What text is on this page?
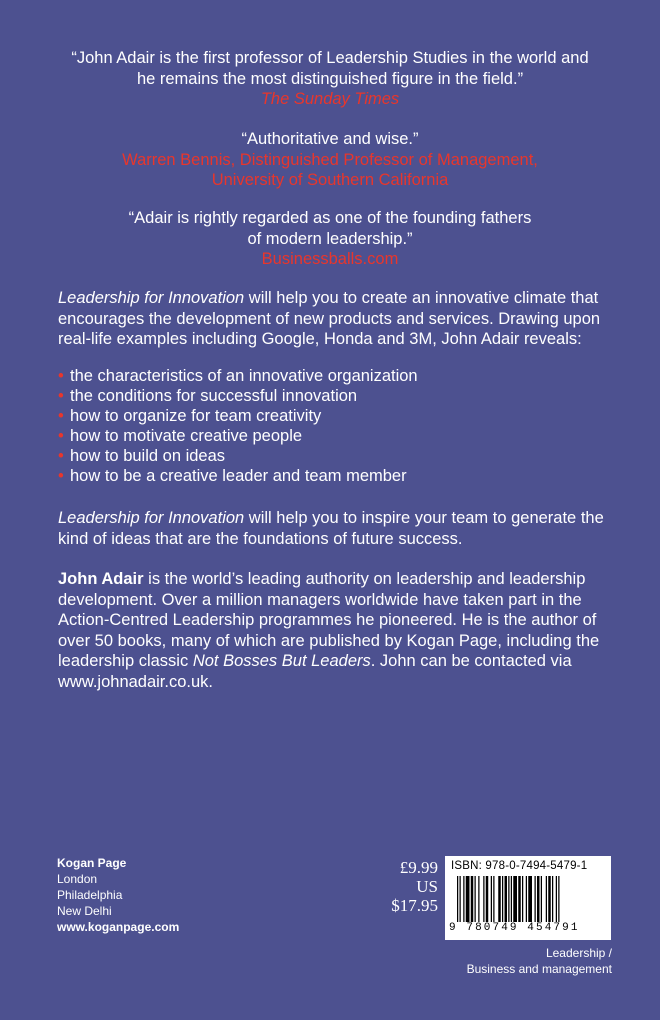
“John Adair is the first professor of Leadership Studies in the world and
he remains the most distinguished figure in the field.”
The Sunday Times
“Authoritative and wise.”
Warren Bennis, Distinguished Professor of Management,
University of Southern California
“Adair is rightly regarded as one of the founding fathers
of modern leadership.”
Businessballs.com
Leadership for Innovation will help you to create an innovative climate that
encourages the development of new products and services. Drawing upon
real-life examples including Google, Honda and 3M, John Adair reveals:
• the characteristics of an innovative organization
• the conditions for successful innovation
• how to organize for team creativity
• how to motivate creative people
• how to build on ideas
• how to be a creative leader and team member
Leadership for Innovation will help you to inspire your team to generate the
kind of ideas that are the foundations of future success.
John Adair is the world’s leading authority on leadership and leadership
development. Over a million managers worldwide have taken part in the
Action-Centred Leadership programmes he pioneered. He is the author of
over 50 books, many of which are published by Kogan Page, including the
leadership classic Not Bosses But Leaders. John can be contacted via
www.johnadair.co.uk.
Kogan Page
London
Philadelphia
New Delhi
www.koganpage.com
£9.99
US $17.95
ISBN: 978-0-7494-5479-1
9 780749 454791
Leadership /
Business and management
